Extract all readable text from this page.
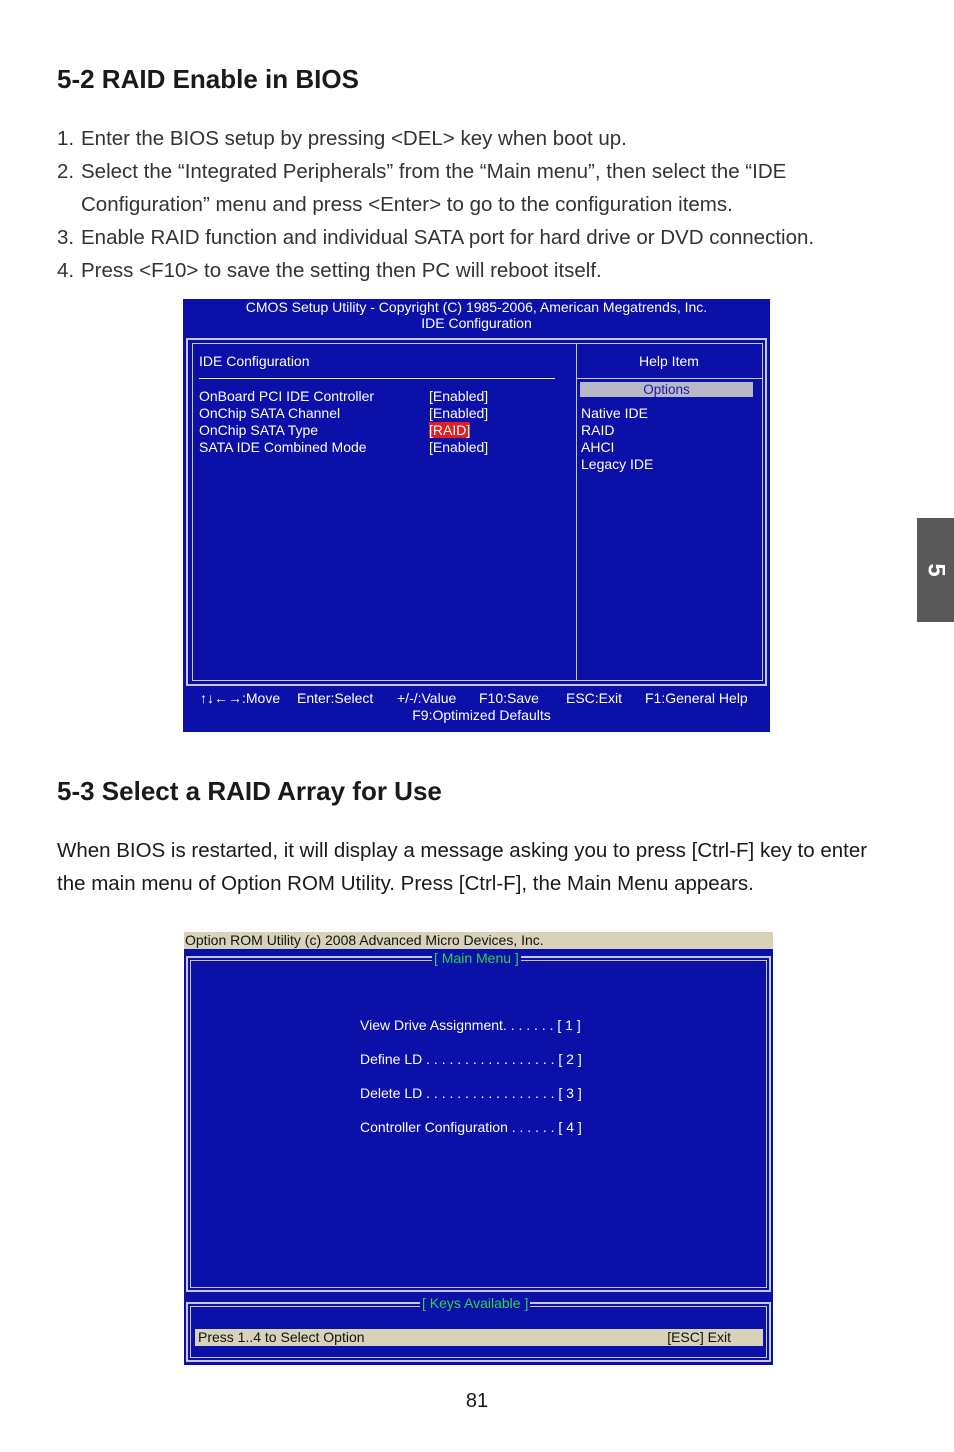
5-2 RAID Enable in BIOS
1. Enter the BIOS setup by pressing <DEL> key when boot up.
2. Select the “Integrated Peripherals” from the “Main menu”, then select the “IDE Configuration” menu and press <Enter> to go to the configuration items.
3. Enable RAID function and individual SATA port for hard drive or DVD connection.
4. Press <F10> to save the setting then PC will reboot itself.
CMOS Setup Utility - Copyright (C) 1985-2006, American Megatrends, Inc.
IDE Configuration
IDE Configuration	Help Item
OnBoard PCI IDE Controller	[Enabled]
OnChip SATA Channel	[Enabled]
OnChip SATA Type	[RAID]
SATA IDE Combined Mode	[Enabled]
Native IDE
RAID
AHCI
Legacy IDE
Options
↑↓←→:Move Enter:Select +/-/:Value F10:Save ESC:Exit F1:General Help
F9:Optimized Defaults
5-3 Select a RAID Array for Use
When BIOS is restarted, it will display a message asking you to press [Ctrl-F] key to enter the main menu of Option ROM Utility. Press [Ctrl-F], the Main Menu appears.
Option ROM Utility (c) 2008 Advanced Micro Devices, Inc.
[ Main Menu ]
View Drive Assignment. . . . . . . [ 1 ]
Define LD . . . . . . . . . . . . . . . . . [ 2 ]
Delete LD . . . . . . . . . . . . . . . . . [ 3 ]
Controller Configuration . . . . . . [ 4 ]
[ Keys Available ]
Press 1..4 to Select Option	[ESC] Exit
5
81
